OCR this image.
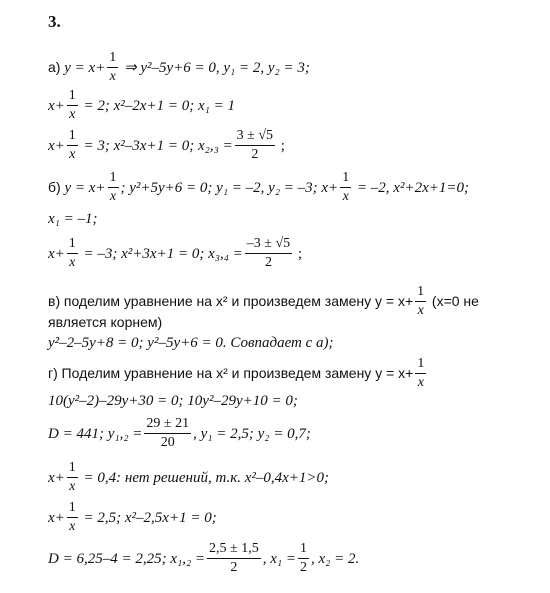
3.
а)
$y = x+ \frac{1}{x}$
⇒ y²–5y+6 = 0, y₁ = 2, y₂ = 3;
$x+ \frac{1}{x}$
= 2; x²–2x+1 = 0; x₁ = 1
$x+ \frac{1}{x}$
= 3; x²–3x+1 = 0; $x_2,_3 = \frac{3 \pm √5}{2}$ ;
б)
$y = x+ \frac{1}{x}$ ; y²+5y+6 = 0; y₁ = –2, y₂ = –3; $x+ \frac{1}{x}$
= –2, x²+2x+1=0;
x₁ = –1;
$x+ \frac{1}{x}$
= –3; x²+3x+1 = 0; $x_3,_4 = \frac{-3 \pm √5}{2}$ ;
в)
поделим уравнение на x² и произведем замену $y = x+ \frac{1}{x}$
(x=0 не
является корнем)
y²–2–5y+8 = 0; y²–5y+6 = 0. Совпадает с а);
г)
Поделим уравнение на x² и произведем замену $y = x+ \frac{1}{x}$
10(y²–2)–29y+30 = 0; 10y²–29y+10 = 0;
D = 441; $y_1,_2 = \frac{29 \pm 21}{20}$ , y₁ = 2,5; y₂ = 0,7;
$x+ \frac{1}{x}$
= 0,4: нет решений, т.к. x²–0,4x+1>0;
$x+ \frac{1}{x}$
= 2,5; x²–2,5x+1 = 0;
D = 6,25–4 = 2,25; $x_1,_2 = \frac{2,5 \pm 1,5}{2}$ , $x_1 = \frac{1}{2}$ , x₂ = 2.
